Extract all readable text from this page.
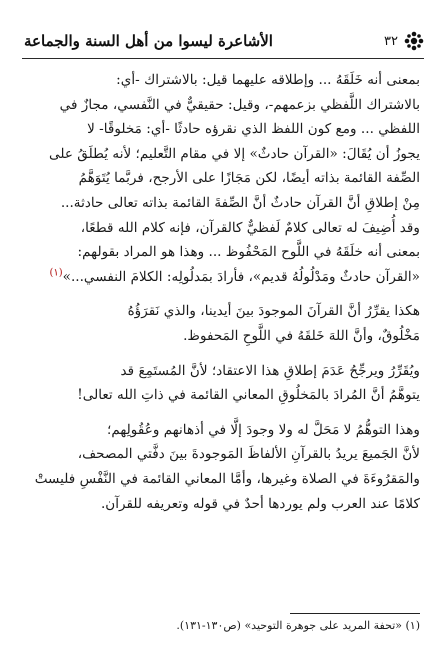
الأشاعرة ليسوا من أهل السنة والجماعة	٣٢
بمعنى أنه خَلَقَهُ ... وإطلاقه عليهما قيل: بالاشتراك -أي:
بالاشتراك اللَّفظي بزعمهم-، وقيل: حقيقيٌّ في النَّفسي، مجازٌ في
اللفظي ... ومع كون اللفظ الذي نقرؤه حادثًا -أي: مَخلوقًا- لا
يجوزُ أن يُقَالَ: «القرآن حادثٌ» إلا في مقام التَّعليم؛ لأنه يُطلَقُ على
الصِّفة القائمة بذاته أيضًا، لكن مَجَازًا على الأرجح، فربَّما يُتَوَهَّمُ
مِنْ إطلاقِ أنَّ القرآن حادثٌ أنَّ الصِّفةَ القائمة بذاته تعالى حادثة...
وقد أُضِيفَ له تعالى كلامٌ لَفظيٌّ كالقرآن، فإنه كلام الله قطعًا،
بمعنى أنه خلَقَهُ في اللَّوح المَحْفُوظ ... وهذا هو المراد بقولهم:
«القرآن حادثٌ ومَدْلُولُهُ قديم»، فأرادَ بمَدلُولِه: الكلامَ النفسي...»$^{(١)}$
هكذا يقرِّرُ أنَّ القرآنَ الموجودَ بينَ أيدينا، والذي نَقرَؤُهُ
مَخْلُوقٌ، وأنَّ اللهَ خَلقَهُ في اللَّوحِ المَحفوظ.
ويُقَرِّرُ ويرجِّحُ عَدَمَ إطلاقِ هذا الاعتقاد؛ لأنَّ المُستَمِعَ قد
يتوهَّمُ أنَّ المُرادَ بالمَخلُوقِ المعاني القائمة في ذاتِ الله تعالى!
وهذا التوهُّمُ لا مَحَلَّ له ولا وجودَ إلَّا في أذهانهم وعُقُولِهم؛
لأنَّ الجَميعَ يريدُ بالقرآنِ الألفاظَ المَوجودةَ بينَ دفَّتي المصحف،
والمَقرُوءَةَ في الصلاة وغيرها، وأمَّا المعاني القائمة في النَّفْسِ فليستْ
كلامًا عند العرب ولم يوردها أحدٌ في قوله وتعريفه للقرآن.
(١) «تحفة المريد على جوهرة التوحيد» (ص١٣٠-١٣١).
